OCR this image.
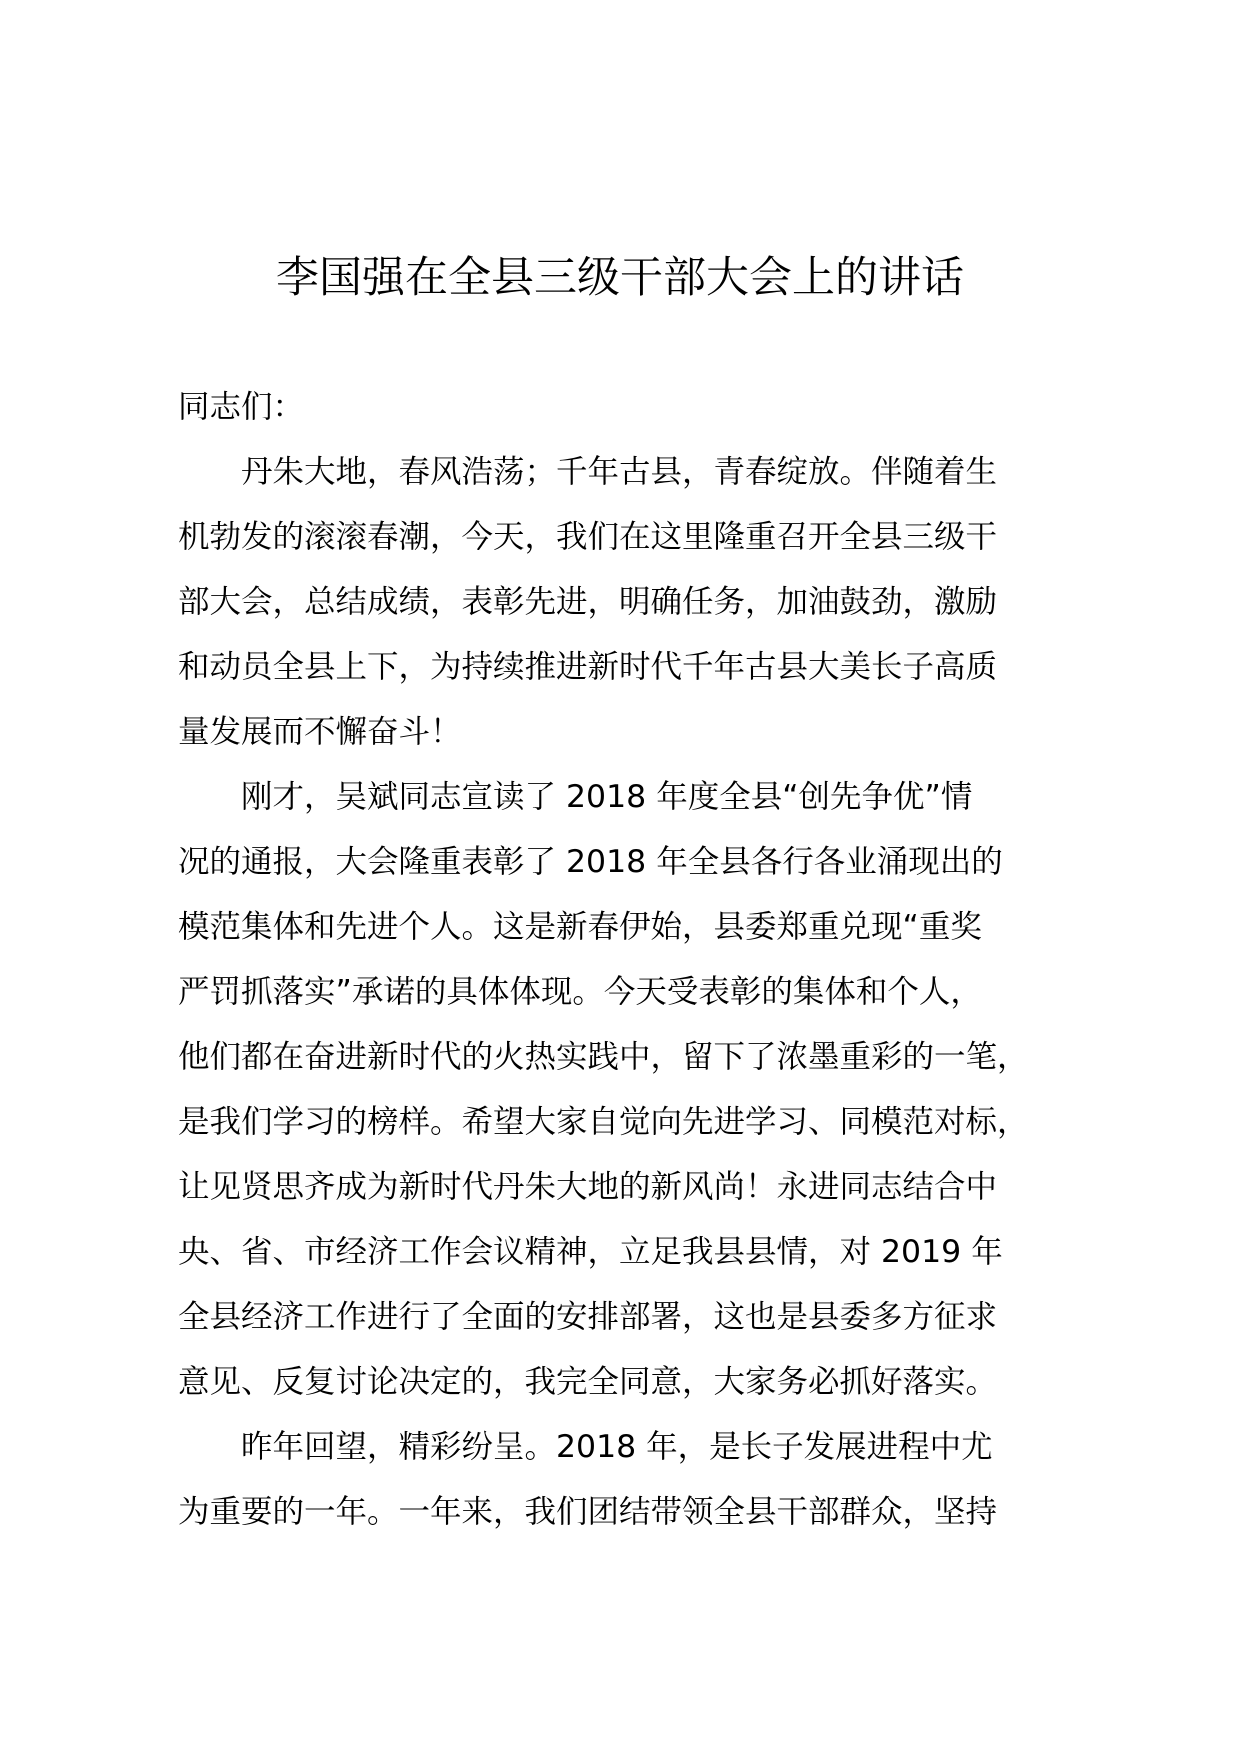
李国强在全县三级干部大会上的讲话
同志们：
　　丹朱大地，春风浩荡；千年古县，青春绽放。伴随着生
机勃发的滚滚春潮，今天，我们在这里隆重召开全县三级干
部大会，总结成绩，表彰先进，明确任务，加油鼓劲，激励
和动员全县上下，为持续推进新时代千年古县大美长子高质
量发展而不懈奋斗！
　　刚才，吴斌同志宣读了 2018 年度全县“创先争优”情
况的通报，大会隆重表彰了 2018 年全县各行各业涌现出的
模范集体和先进个人。这是新春伊始，县委郑重兑现“重奖
严罚抓落实”承诺的具体体现。今天受表彰的集体和个人，
他们都在奋进新时代的火热实践中，留下了浓墨重彩的一笔，
是我们学习的榜样。希望大家自觉向先进学习、同模范对标，
让见贤思齐成为新时代丹朱大地的新风尚！永进同志结合中
央、省、市经济工作会议精神，立足我县县情，对 2019 年
全县经济工作进行了全面的安排部署，这也是县委多方征求
意见、反复讨论决定的，我完全同意，大家务必抓好落实。
　　昨年回望，精彩纷呈。2018 年，是长子发展进程中尤
为重要的一年。一年来，我们团结带领全县干部群众，坚持
